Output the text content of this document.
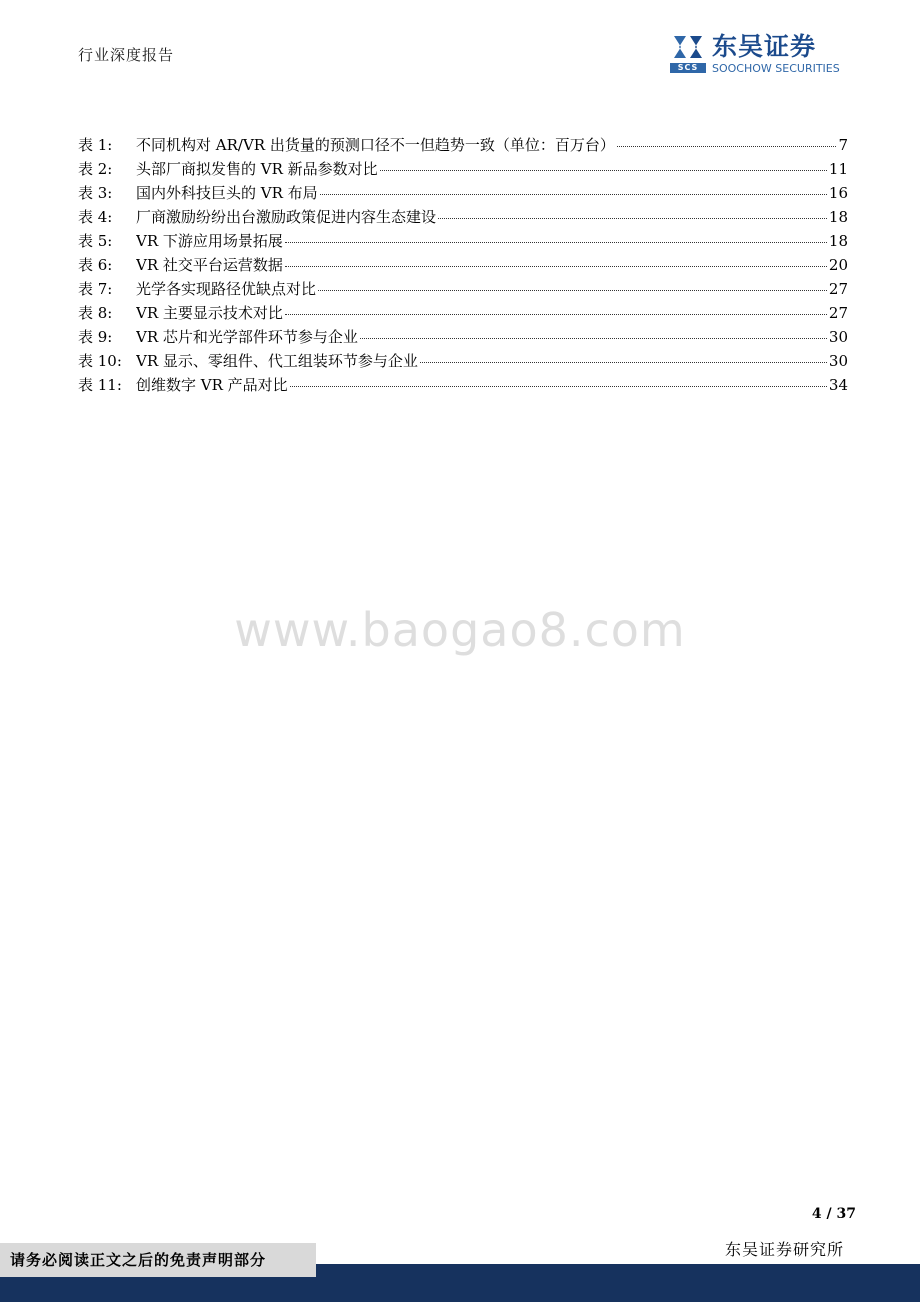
行业深度报告
SCS
东吴证券
SOOCHOW SECURITIES
表 1:	不同机构对 AR/VR 出货量的预测口径不一但趋势一致（单位：百万台）	7
表 2:	头部厂商拟发售的 VR 新品参数对比	11
表 3:	国内外科技巨头的 VR 布局	16
表 4:	厂商激励纷纷出台激励政策促进内容生态建设	18
表 5:	VR 下游应用场景拓展	18
表 6:	VR 社交平台运营数据	20
表 7:	光学各实现路径优缺点对比	27
表 8:	VR 主要显示技术对比	27
表 9:	VR 芯片和光学部件环节参与企业	30
表 10: VR 显示、零组件、代工组装环节参与企业	30
表 11: 创维数字 VR 产品对比	34
www.baogao8.com
4 / 37
东吴证券研究所
请务必阅读正文之后的免责声明部分
